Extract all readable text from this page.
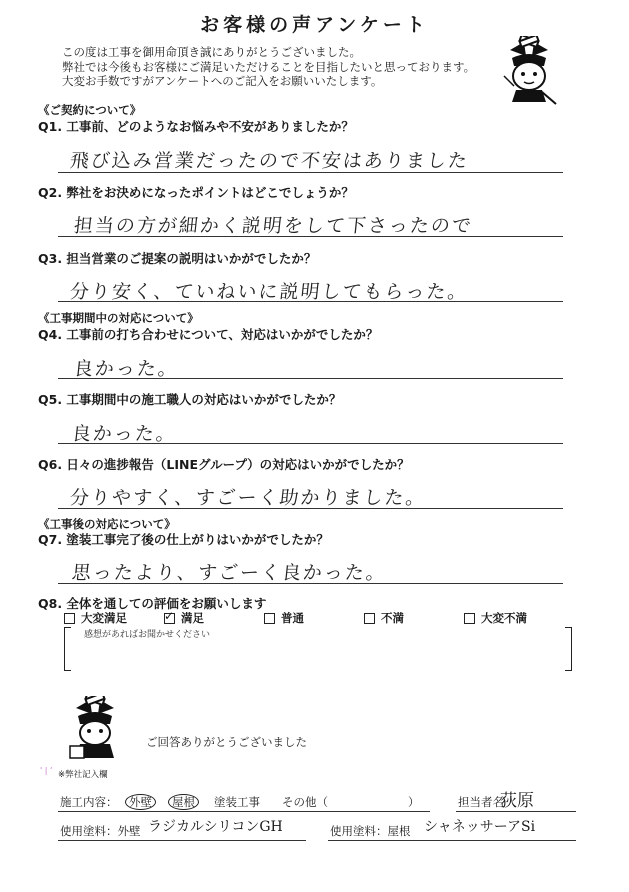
お客様の声アンケート
この度は工事を御用命頂き誠にありがとうございました。
弊社では今後もお客様にご満足いただけることを目指したいと思っております。
大変お手数ですがアンケートへのご記入をお願いいたします。
《ご契約について》
Q1. 工事前、どのようなお悩みや不安がありましたか？
飛び込み営業だったので不安はありました
Q2. 弊社をお決めになったポイントはどこでしょうか？
担当の方が細かく説明をして下さったので
Q3. 担当営業のご提案の説明はいかがでしたか？
分り安く、ていねいに説明してもらった。
《工事期間中の対応について》
Q4. 工事前の打ち合わせについて、対応はいかがでしたか？
良かった。
Q5. 工事期間中の施工職人の対応はいかがでしたか？
良かった。
Q6. 日々の進捗報告（LINEグループ）の対応はいかがでしたか？
分りやすく、すごーく助かりました。
《工事後の対応について》
Q7. 塗装工事完了後の仕上がりはいかがでしたか？
思ったより、すごーく良かった。
Q8. 全体を通しての評価をお願いします
大変満足 ✓	満足	普通	不満	大変不満
感想があればお聞かせください
ご回答ありがとうございました
' | ‘ ※弊社記入欄
施工内容：	外壁	屋根	塗装工事 その他（	）	担当者名
荻原
使用塗料：外壁 ラジカルシリコンGH	使用塗料：屋根 シャネッサーアSi
